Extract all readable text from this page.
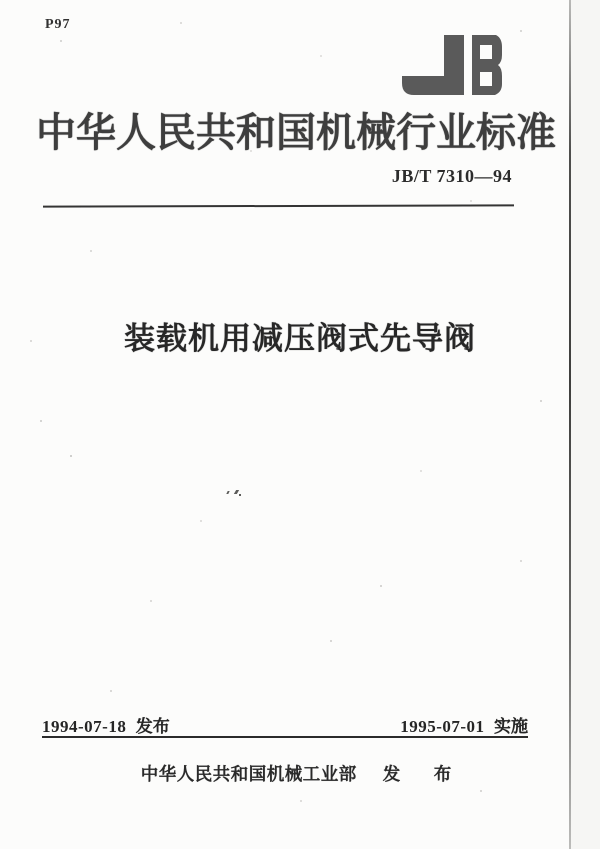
P97
中华人民共和国机械行业标准
JB/T 7310—94
装载机用减压阀式先导阀
1994-07-18 发布	1995-07-01 实施
中华人民共和国机械工业部 发　布
